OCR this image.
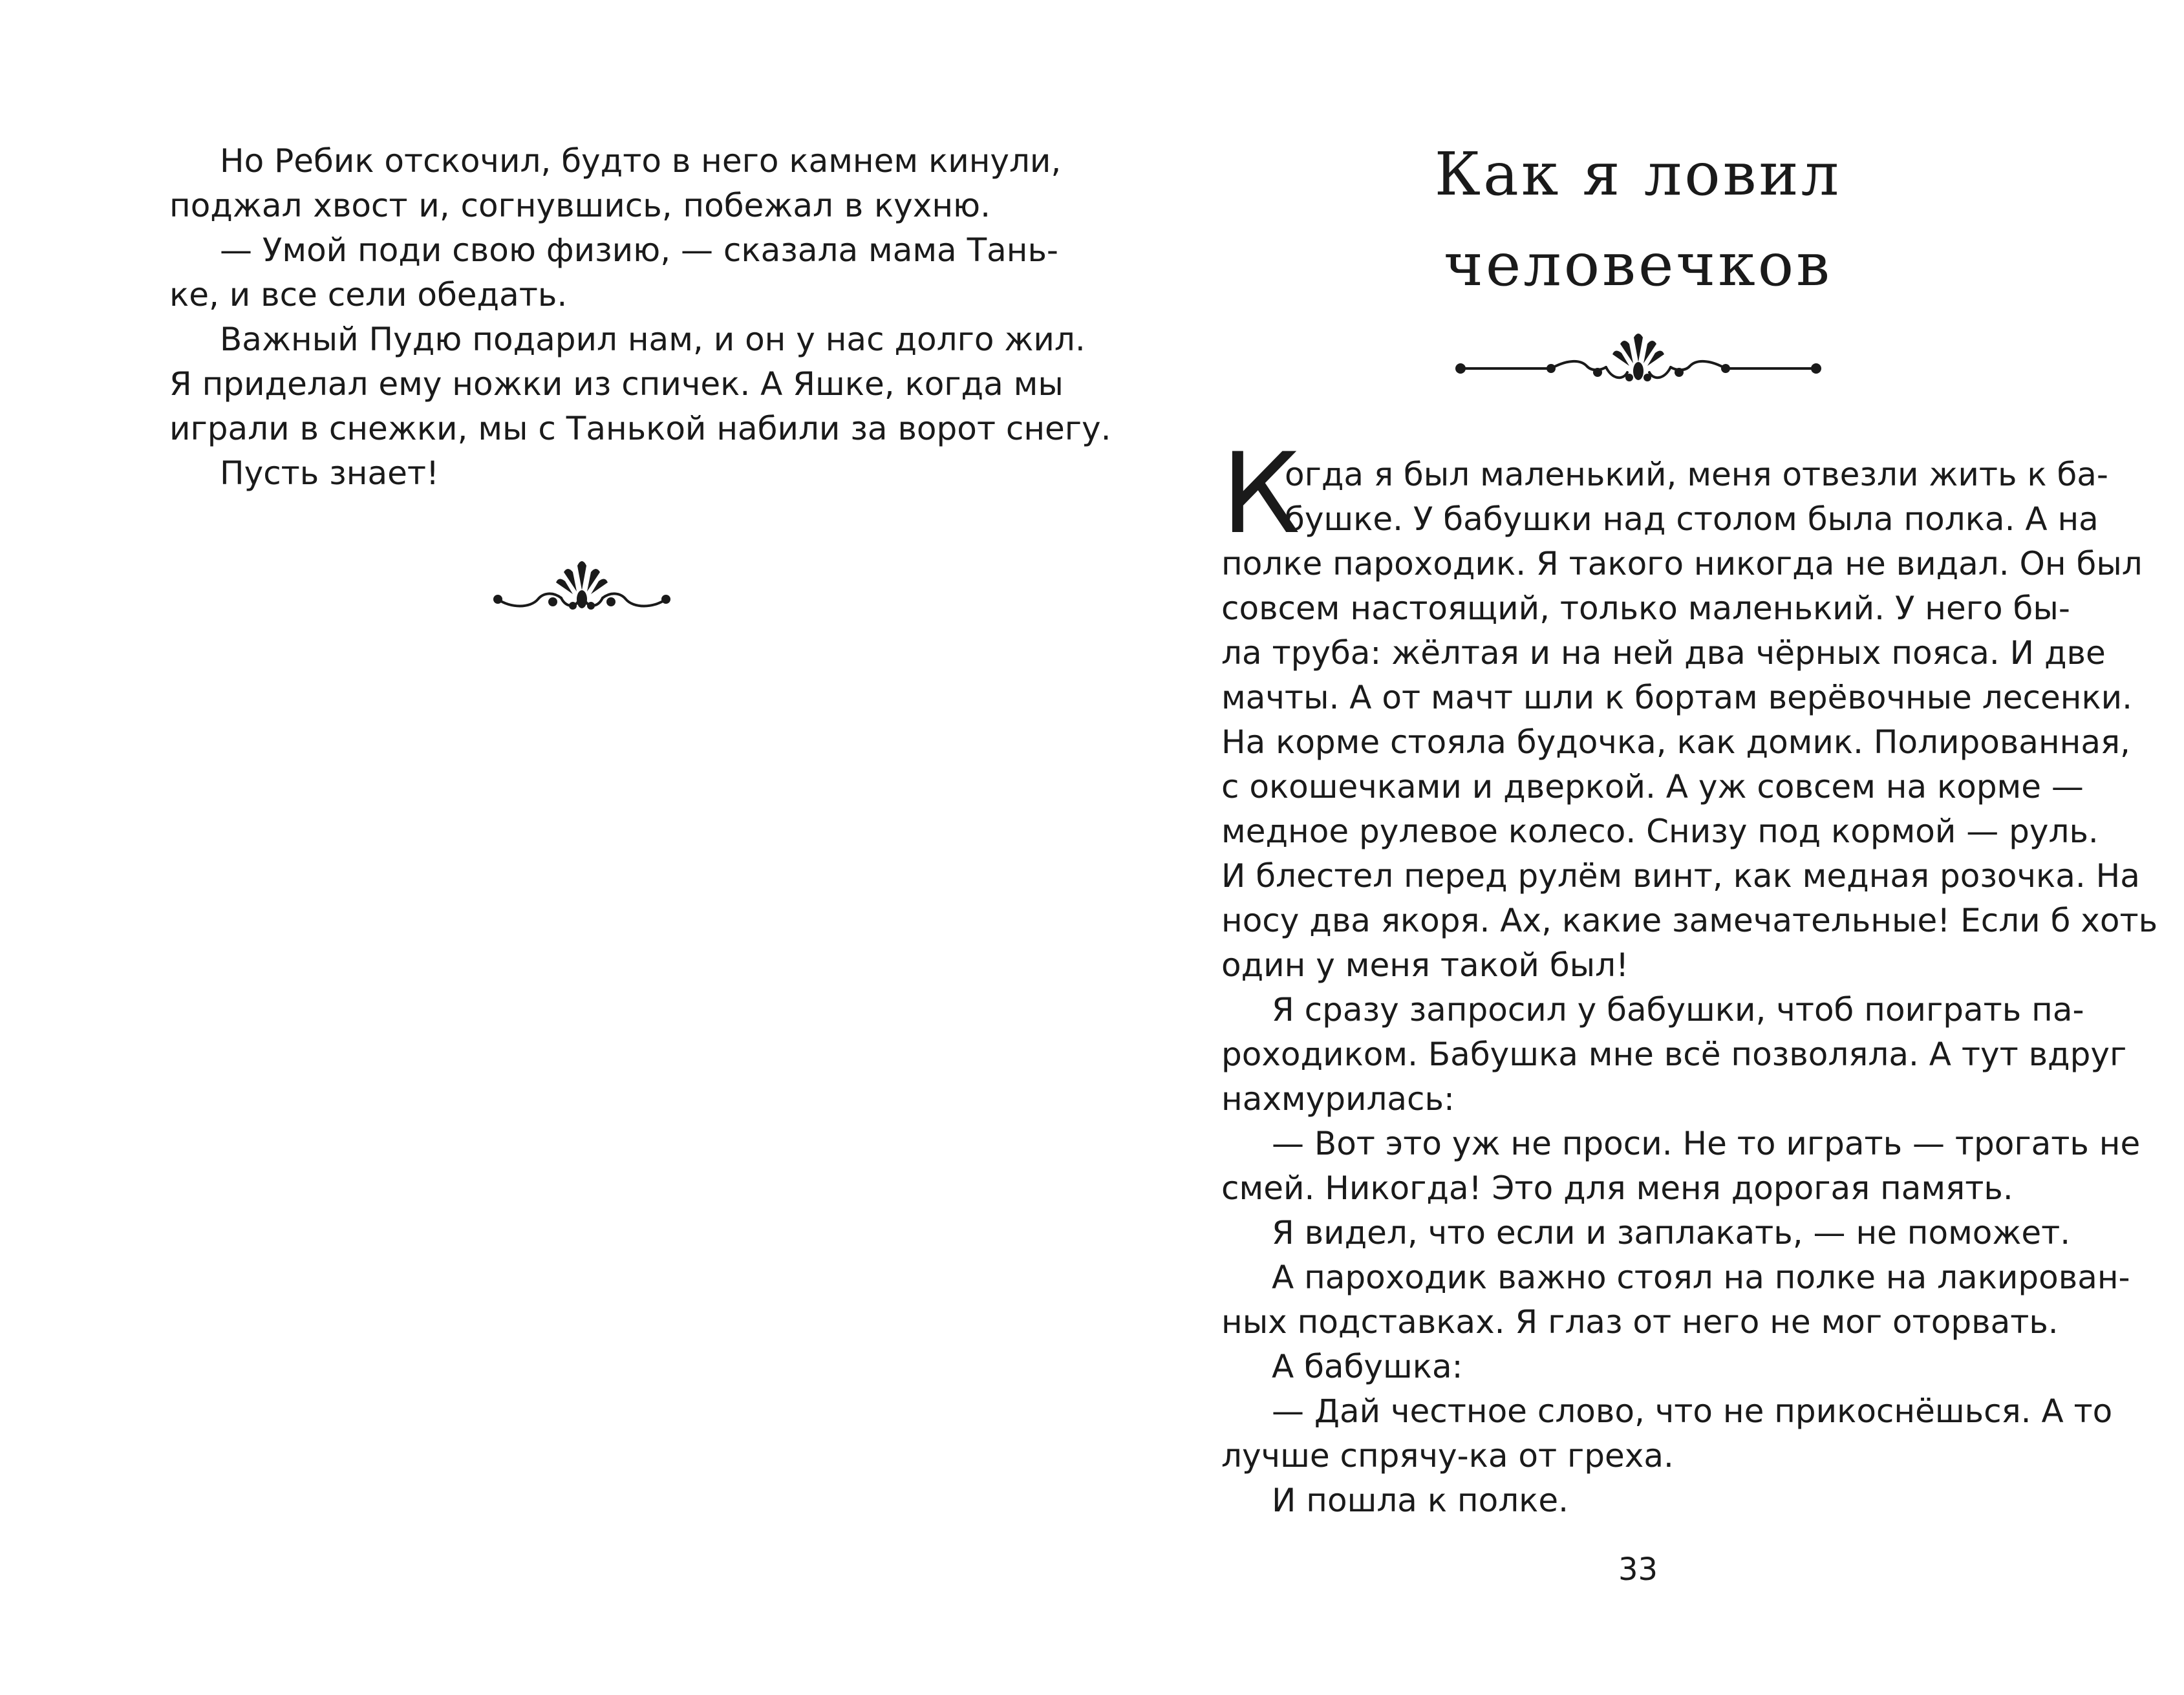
Но Ребик отскочил, будто в него камнем кинули,
поджал хвост и, согнувшись, побежал в кухню.
— Умой поди свою физию, — сказала мама Тань-
ке, и все сели обедать.
Важный Пудю подарил нам, и он у нас долго жил.
Я приделал ему ножки из спичек. А Яшке, когда мы
играли в снежки, мы с Танькой набили за ворот снегу.
Пусть знает!
Как я ловил
человечков
К
огда я был маленький, меня отвезли жить к ба-
бушке. У бабушки над столом была полка. А на
полке пароходик. Я такого никогда не видал. Он был
совсем настоящий, только маленький. У него бы-
ла труба: жёлтая и на ней два чёрных пояса. И две
мачты. А от мачт шли к бортам верёвочные лесенки.
На корме стояла будочка, как домик. Полированная,
с окошечками и дверкой. А уж совсем на корме —
медное рулевое колесо. Снизу под кормой — руль.
И блестел перед рулём винт, как медная розочка. На
носу два якоря. Ах, какие замечательные! Если б хоть
один у меня такой был!
Я сразу запросил у бабушки, чтоб поиграть па-
роходиком. Бабушка мне всё позволяла. А тут вдруг
нахмурилась:
— Вот это уж не проси. Не то играть — трогать не
смей. Никогда! Это для меня дорогая память.
Я видел, что если и заплакать, — не поможет.
А пароходик важно стоял на полке на лакирован-
ных подставках. Я глаз от него не мог оторвать.
А бабушка:
— Дай честное слово, что не прикоснёшься. А то
лучше спрячу-ка от греха.
И пошла к полке.
33
